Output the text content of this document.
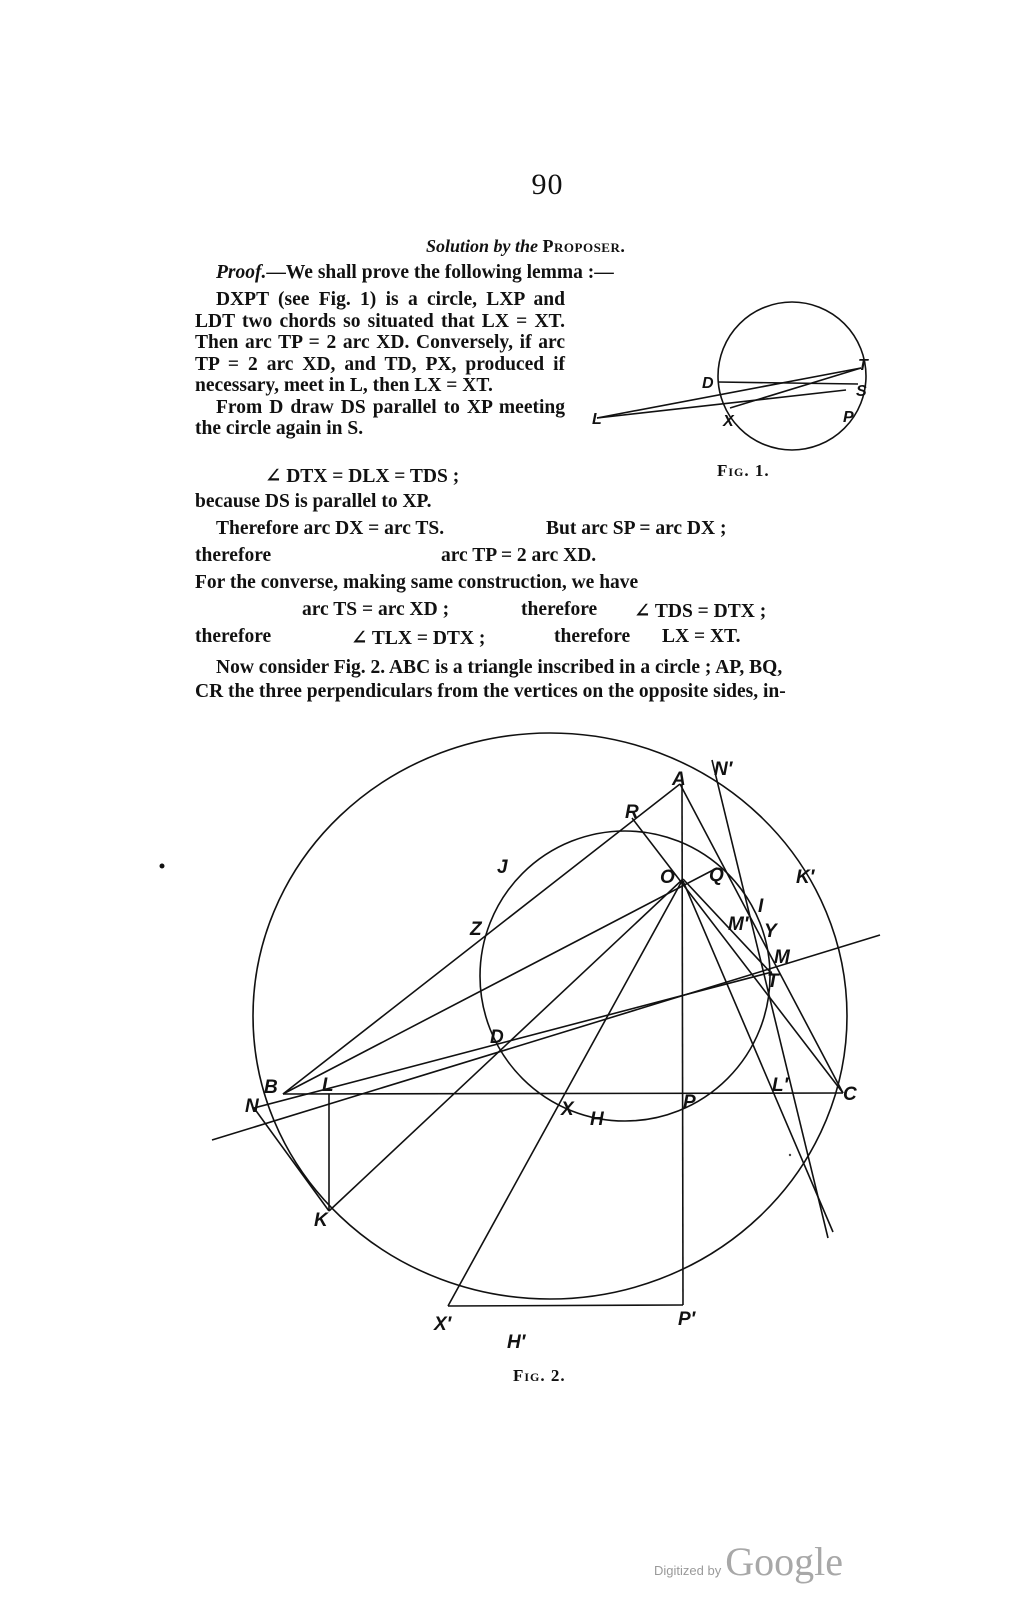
90
Solution by the Proposer.
Proof.—We shall prove the following lemma :—

DXPT (see Fig. 1) is a circle, LXP and LDT two chords so situated that LX = XT. Then arc TP = 2 arc XD. Conversely, if arc TP = 2 arc XD, and TD, PX, produced if necessary, meet in L, then LX = XT.

From D draw DS parallel to XP meeting the circle again in S.

∠ DTX = DLX = TDS ;
because DS is parallel to XP.
Therefore arc DX = arc TS.	But arc SP = arc DX ;
therefore	arc TP = 2 arc XD.
For the converse, making same construction, we have
arc TS = arc XD ;	therefore ∠ TDS = DTX ;
therefore	∠ TLX = DTX ;	therefore LX = XT.
Now consider Fig. 2. ABC is a triangle inscribed in a circle ; AP, BQ,
CR the three perpendiculars from the vertices on the opposite sides, in-
D
T
S
L	X	P
Fig. 1.
A N′
R
J	O Q	K′
I
M′ Y
M
T
Z
D
B
N
L
X H
P
L′	C
K
X′	P′
H′
Fig. 2.
Digitized by Google
